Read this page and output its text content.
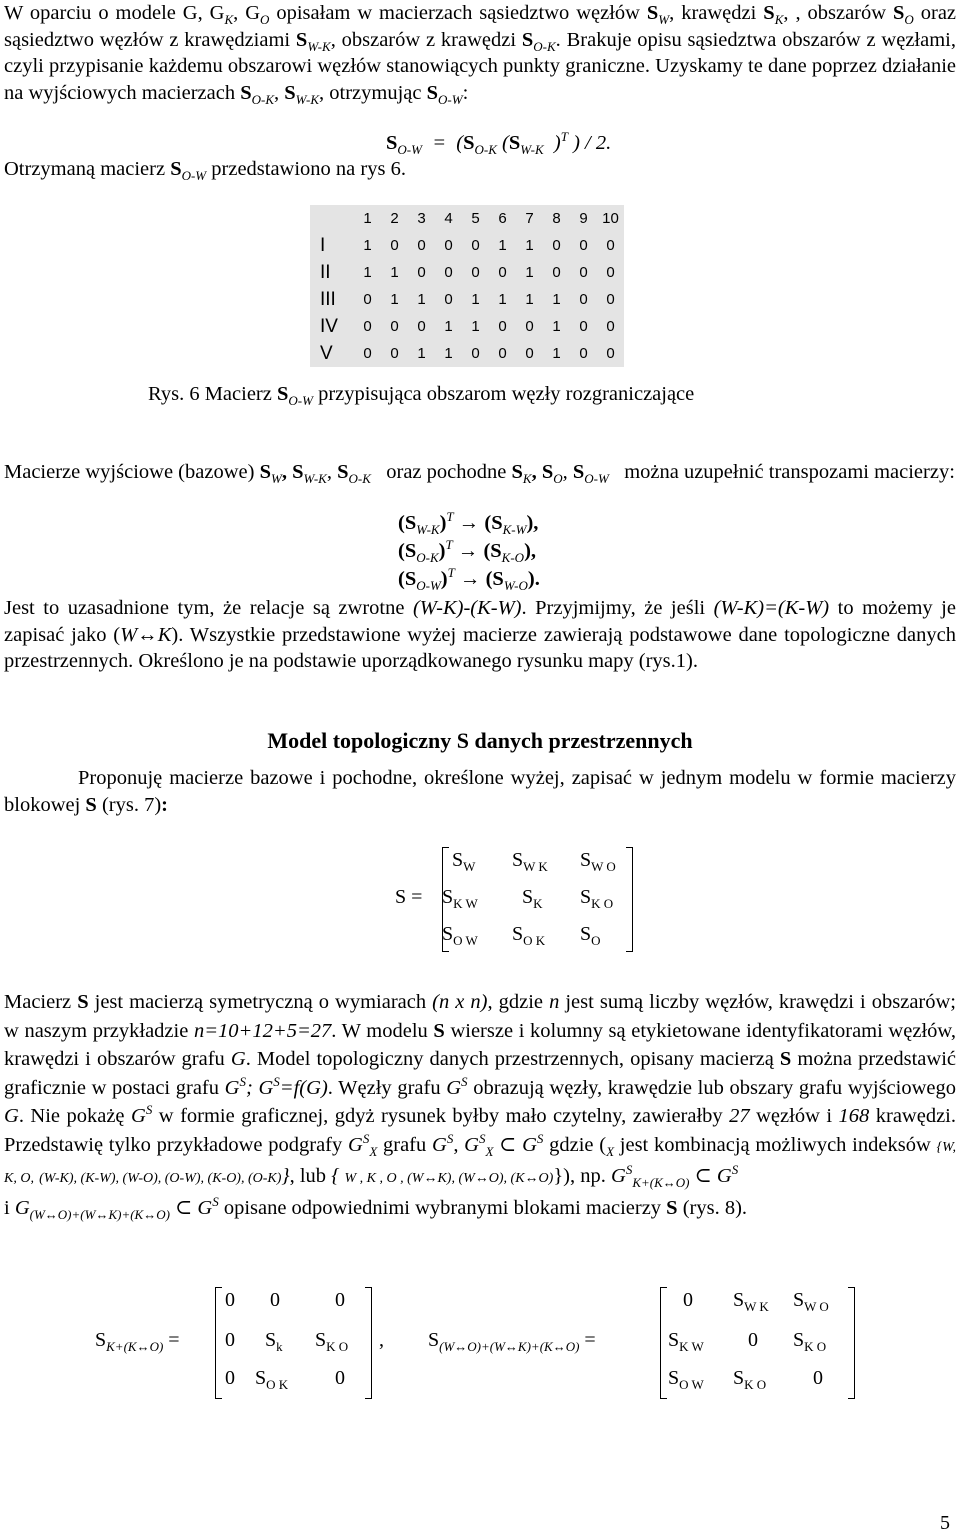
W oparciu o modele G, $G_K$, $G_O$ opisałam w macierzach sąsiedztwo węzłów $S_W$, krawędzi $S_K$, , obszarów $S_O$ oraz sąsiedztwo węzłów z krawędziami $S_{W-K}$, obszarów z krawędzi $S_{O-K}$. Brakuje opisu sąsiedztwa obszarów z węzłami, czyli przypisanie każdemu obszarowi węzłów stanowiących punkty graniczne. Uzyskamy te dane poprzez działanie na wyjściowych macierzach $S_{O-K}$, $S_{W-K}$, otrzymując $S_{O-W}$:

$S_{O-W} = (S_{O-K}$ ($S_{W-K}$ )$^T$ ) / 2.
Otrzymaną macierz $S_{O-W}$ przedstawiono na rys 6.
	1	2	3	4	5	6	7	8	9	10
I	1	0	0	0	0	1	1	0	0	0
II	1	1	0	0	0	0	1	0	0	0
III	0	1	1	0	1	1	1	1	0	0
IV	0	0	0	1	1	0	0	1	0	0
V	0	0	1	1	0	0	0	1	0	0
Rys. 6 Macierz $S_{O-W}$ przypisująca obszarom węzły rozgraniczające

Macierze wyjściowe (bazowe) $S_W$, $S_{W-K}$, $S_{O-K}$   oraz pochodne $S_K$, $S_O$, $S_{O-W}$   można uzupełnić transpozami macierzy:

$(S_{W-K})^T \to (S_{K-W})$,
$(S_{O-K})^T \to (S_{K-O})$,
$(S_{O-W})^T \to (S_{W-O})$.

Jest to uzasadnione tym, że relacje są zwrotne (W-K)-(K-W). Przyjmijmy, że jeśli (W-K)=(K-W) to możemy je zapisać jako (W↔K). Wszystkie przedstawione wyżej macierze zawierają podstawowe dane topologiczne danych przestrzennych. Określono je na podstawie uporządkowanego rysunku mapy (rys.1).

Model topologiczny S danych przestrzennych

Proponuję macierze bazowe i pochodne, określone wyżej, zapisać w jednym modelu w formie macierzy blokowej S (rys. 7):

S =
$S_W$ $S_{W K}$ $S_{W O}$
$S_{K W}$ $S_K$ $S_{K O}$
$S_{O W}$ $S_{O K}$ $S_O$

Macierz S jest macierzą symetryczną o wymiarach (n x n), gdzie n jest sumą liczby węzłów, krawędzi i obszarów; w naszym przykładzie n=10+12+5=27. W modelu S wiersze i kolumny są etykietowane identyfikatorami węzłów, krawędzi i obszarów grafu G. Model topologiczny danych przestrzennych, opisany macierzą S można przedstawić graficznie w postaci grafu $G^S$; $G^S=f(G)$. Węzły grafu $G^S$ obrazują węzły, krawędzie lub obszary grafu wyjściowego G. Nie pokażę $G^S$ w formie graficznej, gdyż rysunek byłby mało czytelny, zawierałby 27 węzłów i 168 krawędzi. Przedstawię tylko przykładowe podgrafy $G^S_X$ grafu $G^S$, $G^S_X$ ⊂ $G^S$ gdzie ($_X$ jest kombinacją możliwych indeksów {W, K, O, (W-K), (K-W), (W-O), (O-W), (K-O), (O-K)}, lub { W , K , O , (W↔K), (W↔O), (K↔O)}), np. $G^S_{K+(K\leftrightarrow O)}$ ⊂ $G^S$
i $G_{(W\leftrightarrow O)+(W\leftrightarrow K)+(K\leftrightarrow O)}$ ⊂ $G^S$ opisane odpowiednimi wybranymi blokami macierzy S (rys. 8).

$S_{K+(K\leftrightarrow O)}$ =
0 0	0
0 $S_k$ $S_{K O}$
0 $S_{O K}$ 0
, $S_{(W\leftrightarrow O)+(W\leftrightarrow K)+(K\leftrightarrow O)}$ =
0 $S_{W K}$ $S_{W O}$
$S_{K W}$ 0 $S_{K O}$
$S_{O W}$ $S_{K O}$ 0
5
